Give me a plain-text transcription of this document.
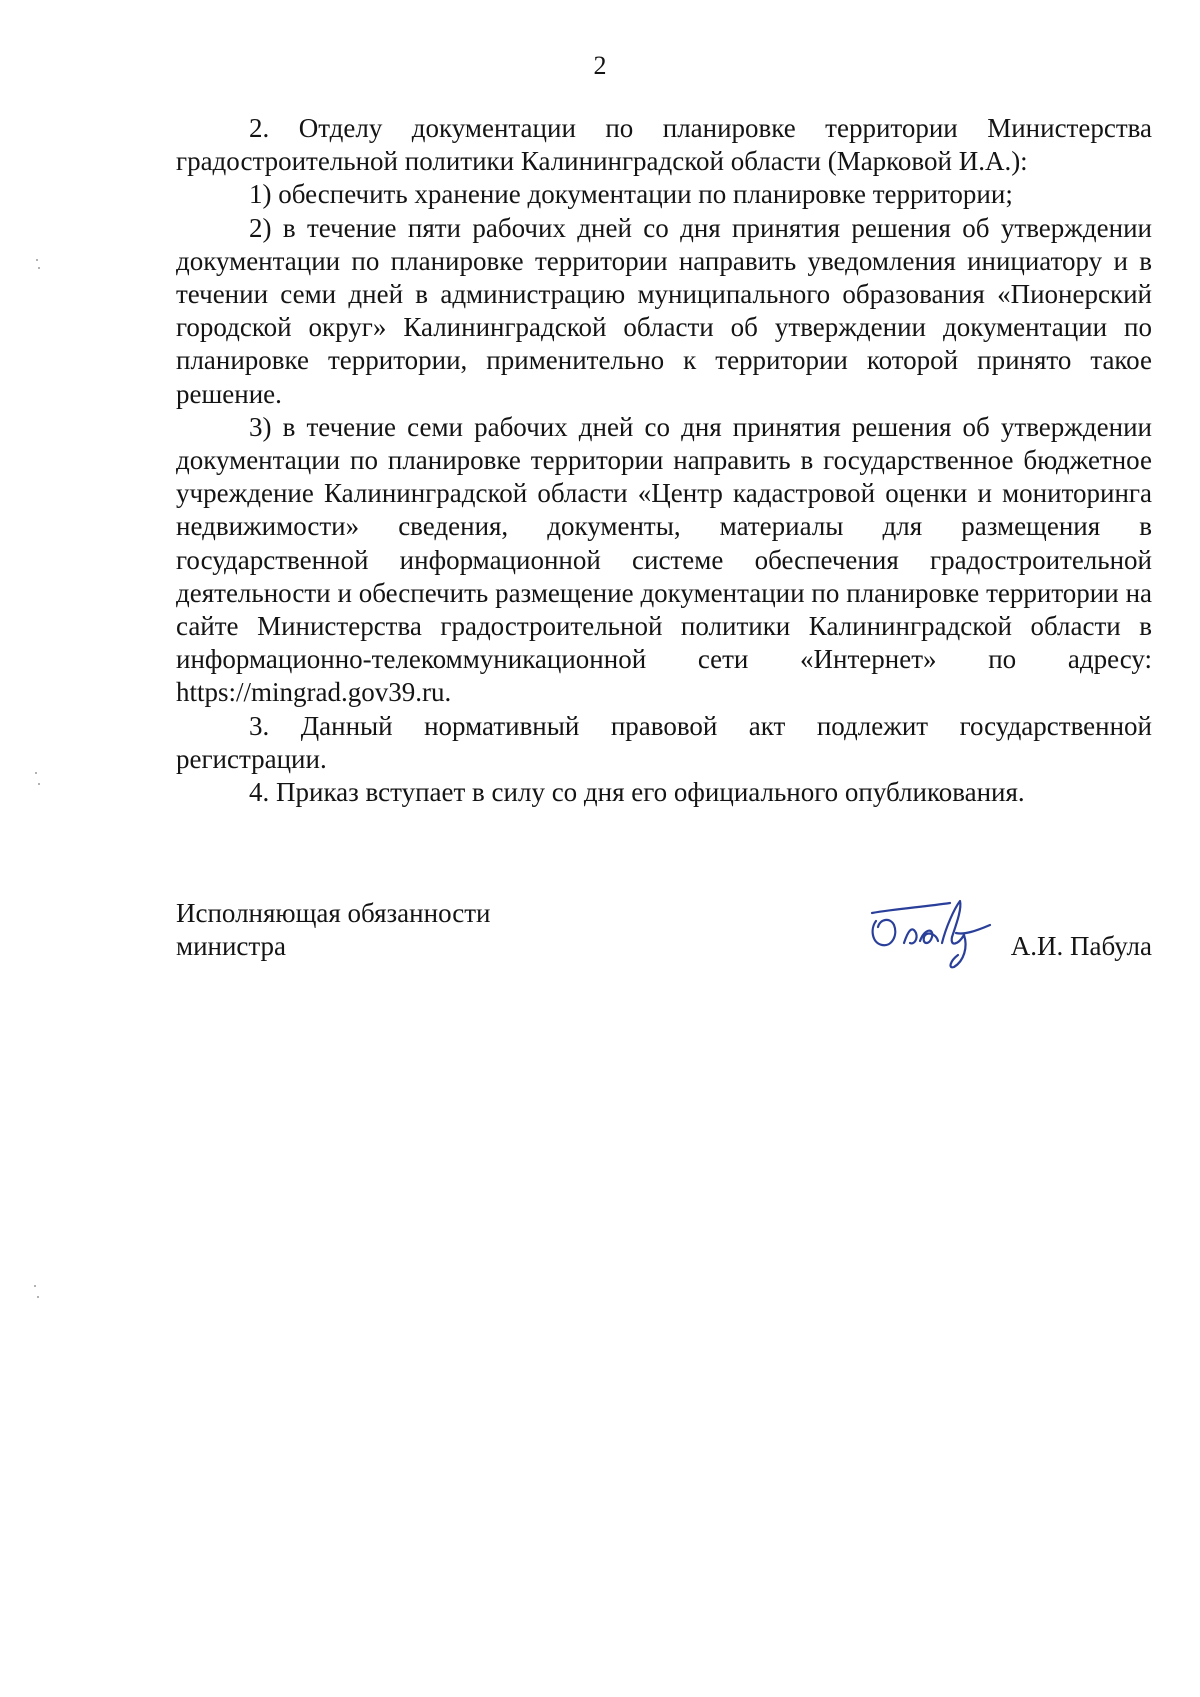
2

2. Отделу документации по планировке территории Министерства градостроительной политики Калининградской области (Марковой И.А.):

1) обеспечить хранение документации по планировке территории;

2) в течение пяти рабочих дней со дня принятия решения об утверждении документации по планировке территории направить уведомления инициатору и в течении семи дней в администрацию муниципального образования «Пионерский городской округ» Калининградской области об утверждении документации по планировке территории, применительно к территории которой принято такое решение.

3) в течение семи рабочих дней со дня принятия решения об утверждении документации по планировке территории направить в государственное бюджетное учреждение Калининградской области «Центр кадастровой оценки и мониторинга недвижимости» сведения, документы, материалы для размещения в государственной информационной системе обеспечения градостроительной деятельности и обеспечить размещение документации по планировке территории на сайте Министерства градостроительной политики Калининградской области в информационно-телекоммуникационной сети «Интернет» по адресу: https://mingrad.gov39.ru.

3. Данный нормативный правовой акт подлежит государственной регистрации.

4. Приказ вступает в силу со дня его официального опубликования.

Исполняющая обязанности
министра	А.И. Пабула
